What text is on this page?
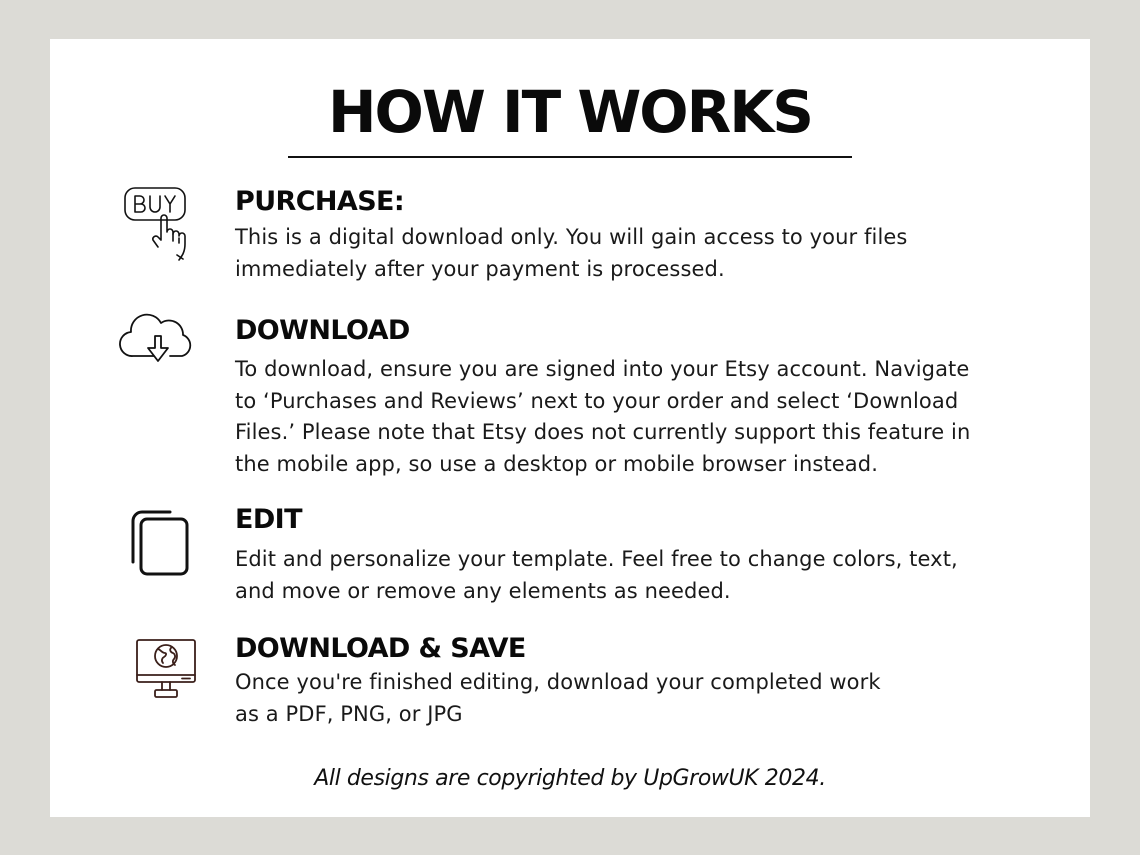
HOW IT WORKS
PURCHASE:
This is a digital download only. You will gain access to your files
immediately after your payment is processed.
DOWNLOAD
To download, ensure you are signed into your Etsy account. Navigate
to ‘Purchases and Reviews’ next to your order and select ‘Download
Files.’ Please note that Etsy does not currently support this feature in
the mobile app, so use a desktop or mobile browser instead.
EDIT
Edit and personalize your template. Feel free to change colors, text,
and move or remove any elements as needed.
DOWNLOAD & SAVE
Once you're finished editing, download your completed work
as a PDF, PNG, or JPG
All designs are copyrighted by UpGrowUK 2024.
